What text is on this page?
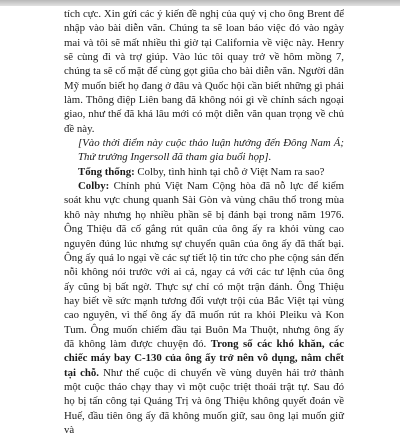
tích cực. Xin gửi các ý kiến đề nghị của quý vị cho ông Brent để nhập vào bài diễn văn. Chúng ta sẽ loan báo việc đó vào ngày mai và tôi sẽ mất nhiều thì giờ tại California về việc này. Henry sẽ cùng đi và trợ giúp. Vào lúc tôi quay trở về hôm mồng 7, chúng ta sẽ cố mặt để cùng gọt giũa cho bài diễn văn. Người dân Mỹ muốn biết họ đang ở đâu và Quốc hội cần biết những gì phải làm. Thông điệp Liên bang đã không nói gì về chính sách ngoại giao, như thế đã khá lâu mới có một diễn văn quan trọng về chủ đề này.

[Vào thời điểm này cuộc thảo luận hướng đến Đông Nam Á; Thứ trưởng Ingersoll đã tham gia buổi họp].

Tổng thống: Colby, tình hình tại chỗ ở Việt Nam ra sao?

Colby: Chính phủ Việt Nam Cộng hòa đã nỗ lực để kiểm soát khu vực chung quanh Sài Gòn và vùng châu thổ trong mùa khô này nhưng họ nhiều phần sẽ bị đánh bại trong năm 1976. Ông Thiệu đã cố gắng rút quân của ông ấy ra khỏi vùng cao nguyên đúng lúc nhưng sự chuyển quân của ông ấy đã thất bại. Ông ấy quá lo ngại về các sự tiết lộ tin tức cho phe cộng sản đến nỗi không nói trước với ai cả, ngay cả với các tư lệnh của ông ấy cũng bị bất ngờ. Thực sự chỉ có một trận đánh. Ông Thiệu hay biết về sức mạnh tương đối vượt trội của Bắc Việt tại vùng cao nguyên, vì thế ông ấy đã muốn rút ra khỏi Pleiku và Kon Tum. Ông muốn chiếm đầu tại Buôn Ma Thuột, nhưng ông ấy đã không làm được chuyện đó. Trong số các khó khăn, các chiếc máy bay C-130 của ông ấy trở nên vô dụng, nằm chết tại chỗ. Như thế cuộc di chuyển về vùng duyên hải trở thành một cuộc tháo chạy thay vì một cuộc triệt thoái trật tự. Sau đó họ bị tấn công tại Quảng Trị và ông Thiệu không quyết đoán về Huế, đầu tiên ông ấy đã không muốn giữ, sau ông lại muốn giữ và
